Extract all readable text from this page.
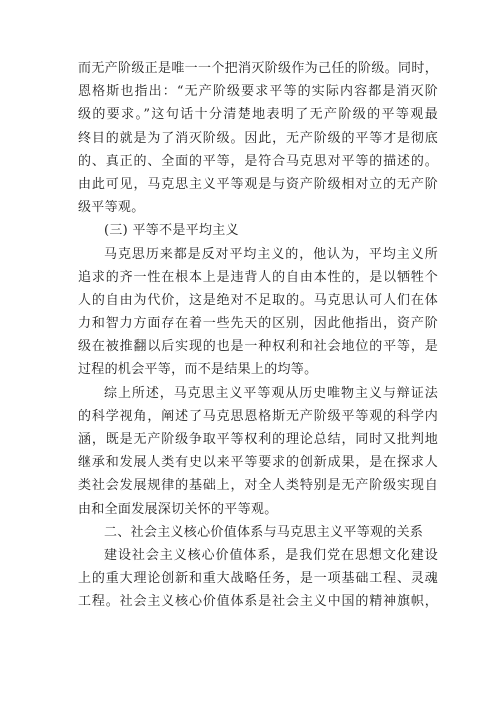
而无产阶级正是唯一一个把消灭阶级作为己任的阶级。同时，
恩格斯也指出：“无产阶级要求平等的实际内容都是消灭阶
级的要求。”这句话十分清楚地表明了无产阶级的平等观最
终目的就是为了消灭阶级。因此，无产阶级的平等才是彻底
的、真正的、全面的平等，是符合马克思对平等的描述的。
由此可见，马克思主义平等观是与资产阶级相对立的无产阶
级平等观。
(三) 平等不是平均主义
马克思历来都是反对平均主义的，他认为，平均主义所
追求的齐一性在根本上是违背人的自由本性的，是以牺牲个
人的自由为代价，这是绝对不足取的。马克思认可人们在体
力和智力方面存在着一些先天的区别，因此他指出，资产阶
级在被推翻以后实现的也是一种权利和社会地位的平等，是
过程的机会平等，而不是结果上的均等。
综上所述，马克思主义平等观从历史唯物主义与辩证法
的科学视角，阐述了马克思恩格斯无产阶级平等观的科学内
涵，既是无产阶级争取平等权利的理论总结，同时又批判地
继承和发展人类有史以来平等要求的创新成果，是在探求人
类社会发展规律的基础上，对全人类特别是无产阶级实现自
由和全面发展深切关怀的平等观。
二、社会主义核心价值体系与马克思主义平等观的关系
建设社会主义核心价值体系，是我们党在思想文化建设
上的重大理论创新和重大战略任务，是一项基础工程、灵魂
工程。社会主义核心价值体系是社会主义中国的精神旗帜，
